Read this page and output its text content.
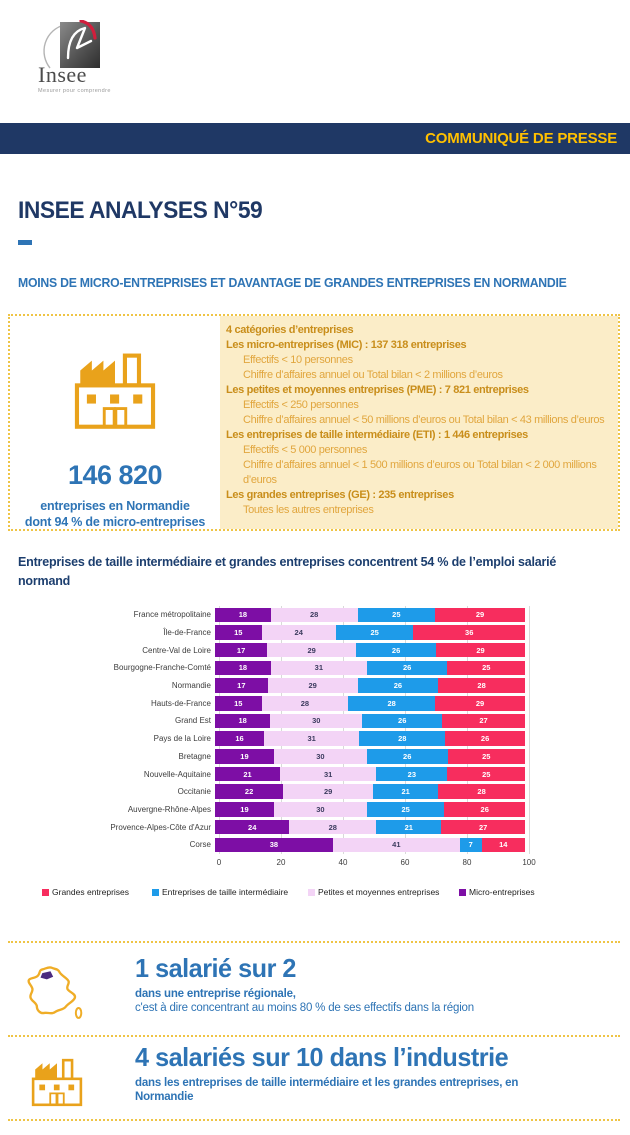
Insee
Mesurer pour comprendre
COMMUNIQUÉ DE PRESSE
INSEE ANALYSES N°59
MOINS DE MICRO-ENTREPRISES ET DAVANTAGE DE GRANDES ENTREPRISES EN NORMANDIE
146 820
entreprises en Normandie
dont 94 % de micro-entreprises
4 catégories d’entreprises
Les micro-entreprises (MIC) : 137 318 entreprises
Effectifs < 10 personnes
Chiffre d’affaires annuel ou Total bilan < 2 millions d’euros
Les petites et moyennes entreprises (PME) : 7 821 entreprises
Effectifs < 250 personnes
Chiffre d’affaires annuel < 50 millions d’euros ou Total bilan < 43 millions d’euros
Les entreprises de taille intermédiaire (ETI) : 1 446 entreprises
Effectifs < 5 000 personnes
Chiffre d’affaires annuel < 1 500 millions d’euros ou Total bilan < 2 000 millions d’euros
Les grandes entreprises (GE) : 235 entreprises
Toutes les autres entreprises
Entreprises de taille intermédiaire et grandes entreprises concentrent 54 % de l’emploi salarié normand
France métropolitaine	18	28	25	29
Île-de-France	15	24	25	36
Centre-Val de Loire	17	29	26	29
Bourgogne-Franche-Comté	18	31	26	25
Normandie	17	29	26	28
Hauts-de-France	15	28	28	29
Grand Est	18	30	26	27
Pays de la Loire	16	31	28	26
Bretagne	19	30	26	25
Nouvelle-Aquitaine	21	31	23	25
Occitanie	22	29	21	28
Auvergne-Rhône-Alpes	19	30	25	26
Provence-Alpes-Côte d'Azur	24	28	21	27
Corse	38	41	7	14
0	20	40	60	80	100
Grandes entreprises	Entreprises de taille intermédiaire	Petites et moyennes entreprises	Micro-entreprises
1 salarié sur 2
dans une entreprise régionale,
c'est à dire concentrant au moins 80 % de ses effectifs dans la région
4 salariés sur 10 dans l’industrie
dans les entreprises de taille intermédiaire et les grandes entreprises, en Normandie
